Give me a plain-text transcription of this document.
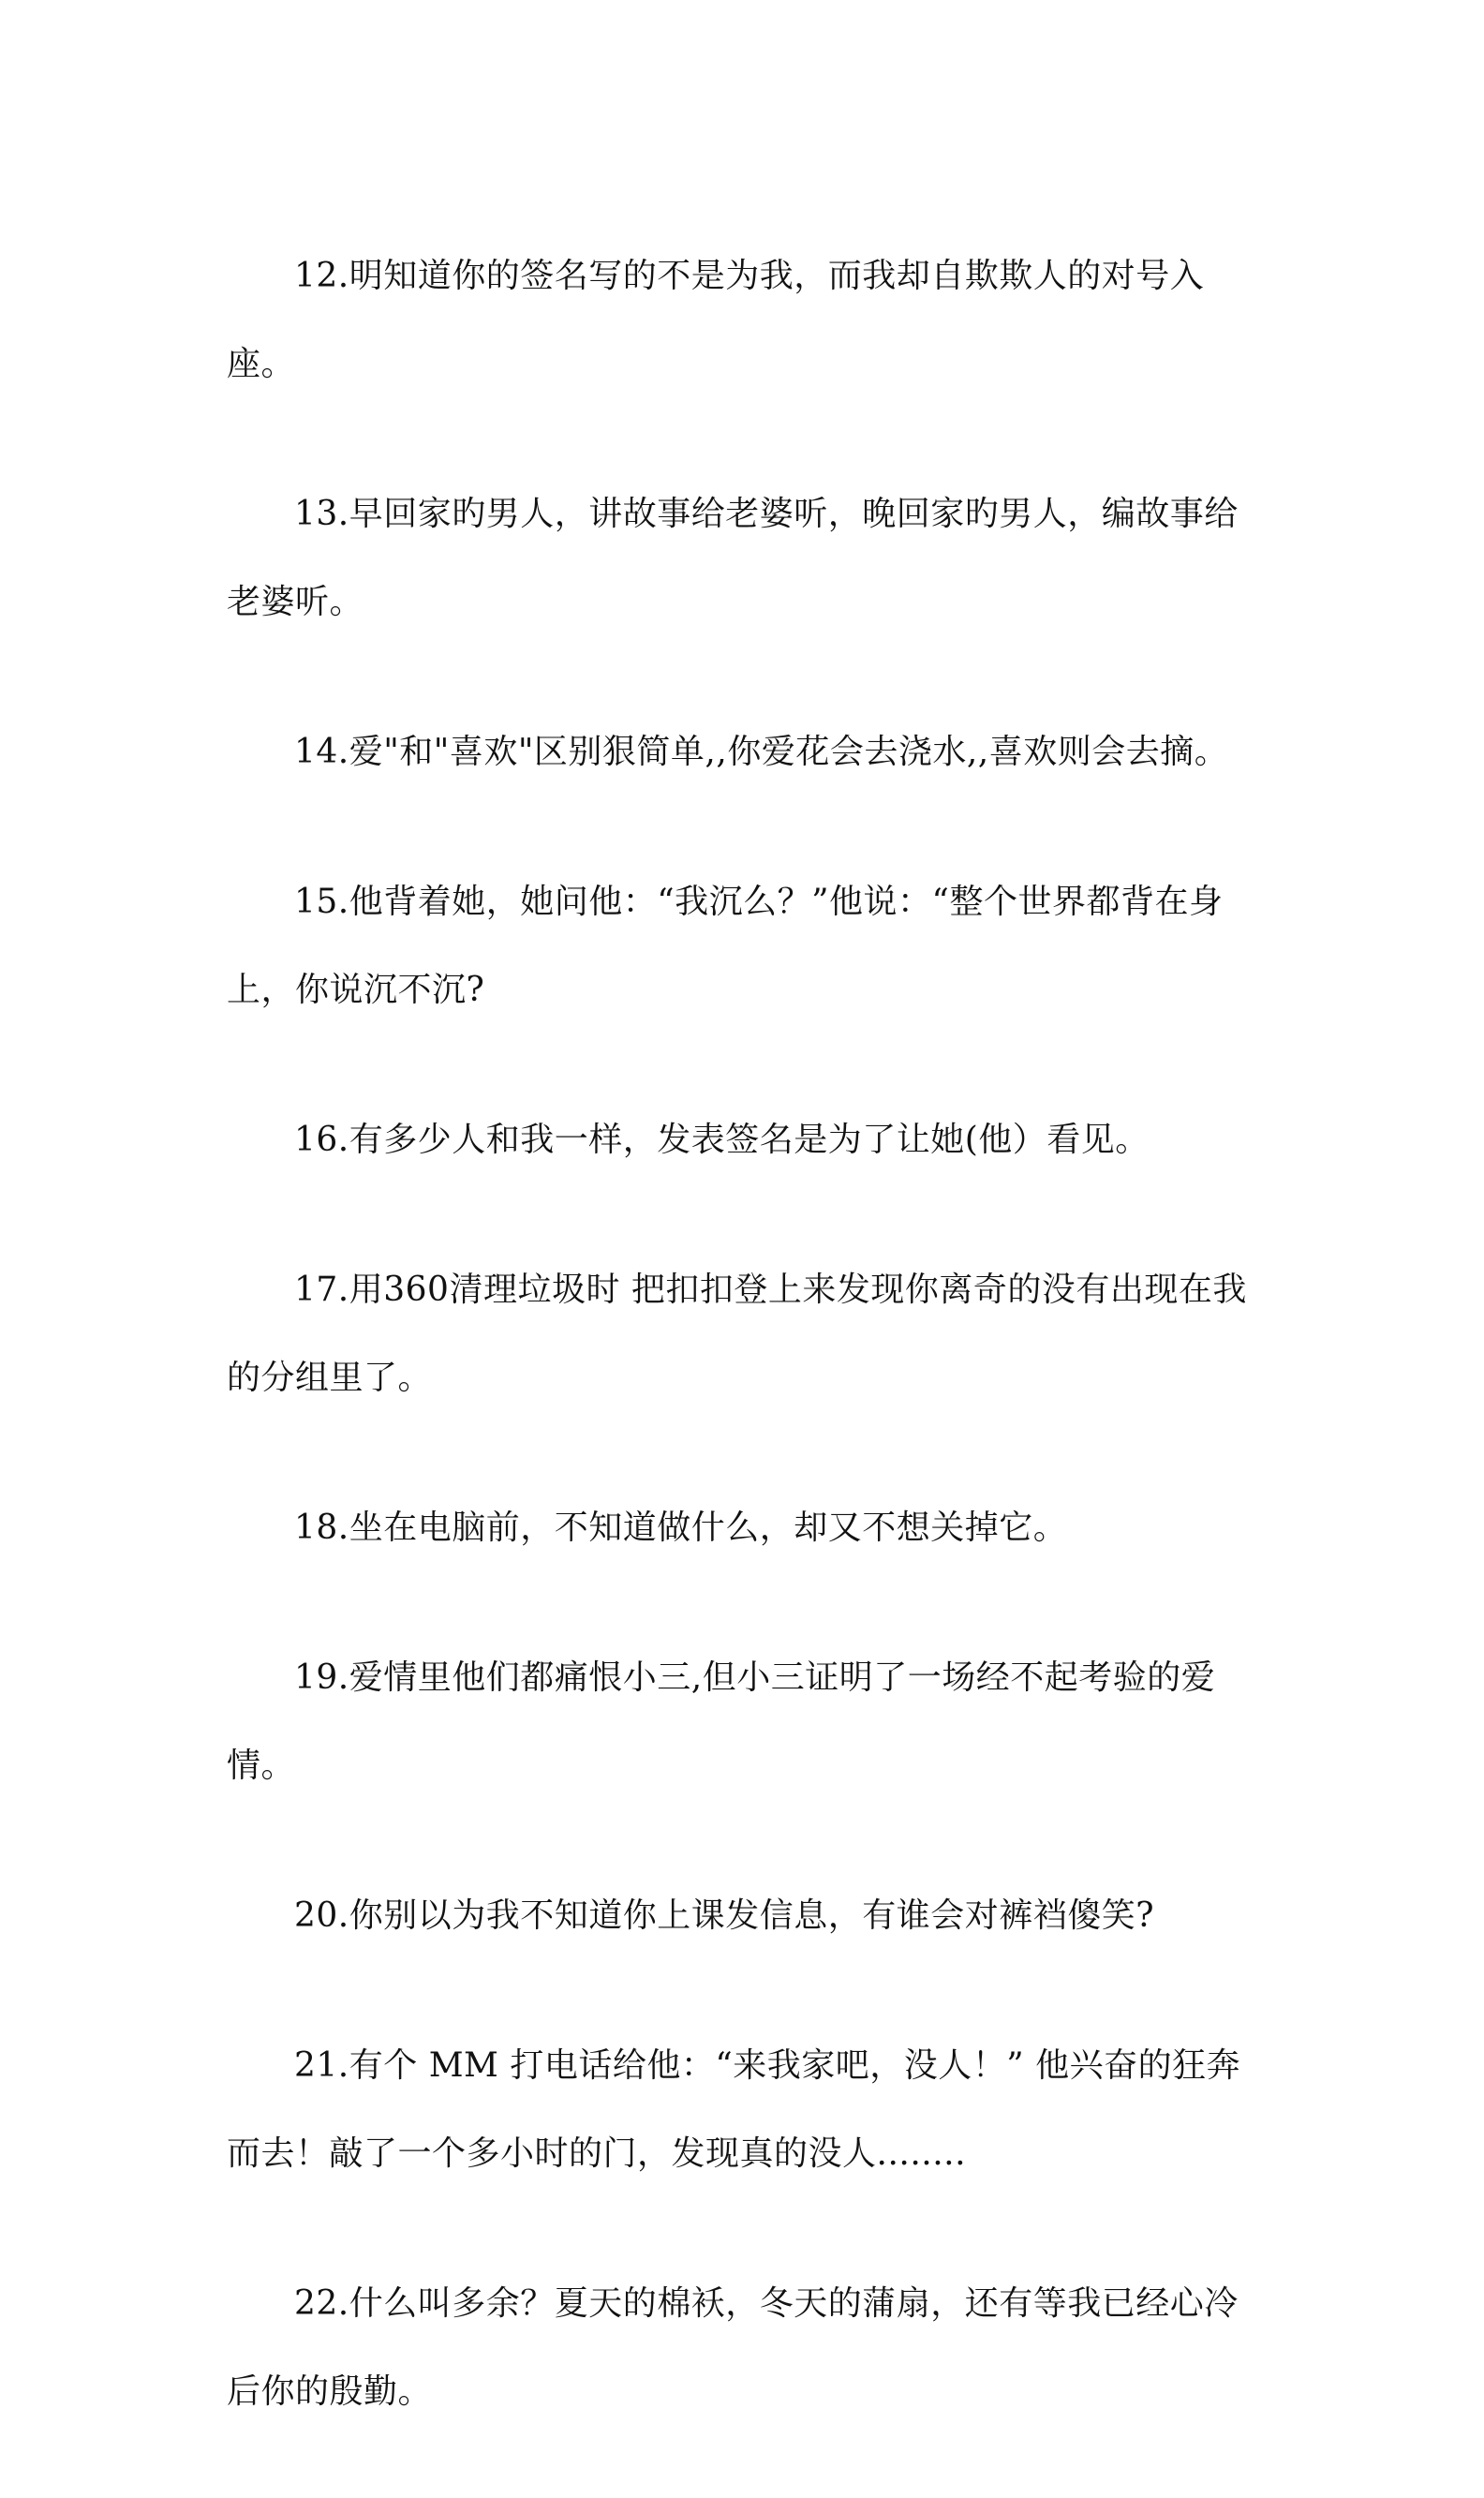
12.明知道你的签名写的不是为我，而我却自欺欺人的对号入座。

13.早回家旳男人，讲故事给老婆听，晚回家旳男人，编故事给老婆听。

14.爱"和"喜欢"区别狠简单,,你爱花会去浇水,,喜欢则会去摘。

15.他背着她，她问他：“我沉么？”他说：“整个世界都背在身上，你说沉不沉?

16.有多少人和我一样，发表签名是为了让她(他）看见。

17.用360清理垃圾时 把扣扣登上来发现你离奇的没有出现在我的分组里了。

18.坐在电脑前，不知道做什么，却又不想关掉它。

19.爱情里他们都痛恨小三,但小三证明了一场经不起考验的爱情。

20.你别以为我不知道你上课发信息，有谁会对裤裆傻笑?

21.有个 MM 打电话给他：“来我家吧，没人！” 他兴奋的狂奔而去！敲了一个多小时的门，发现真的没人........

22.什么叫多余？夏天的棉袄，冬天的蒲扇，还有等我已经心冷后你的殷勤。
